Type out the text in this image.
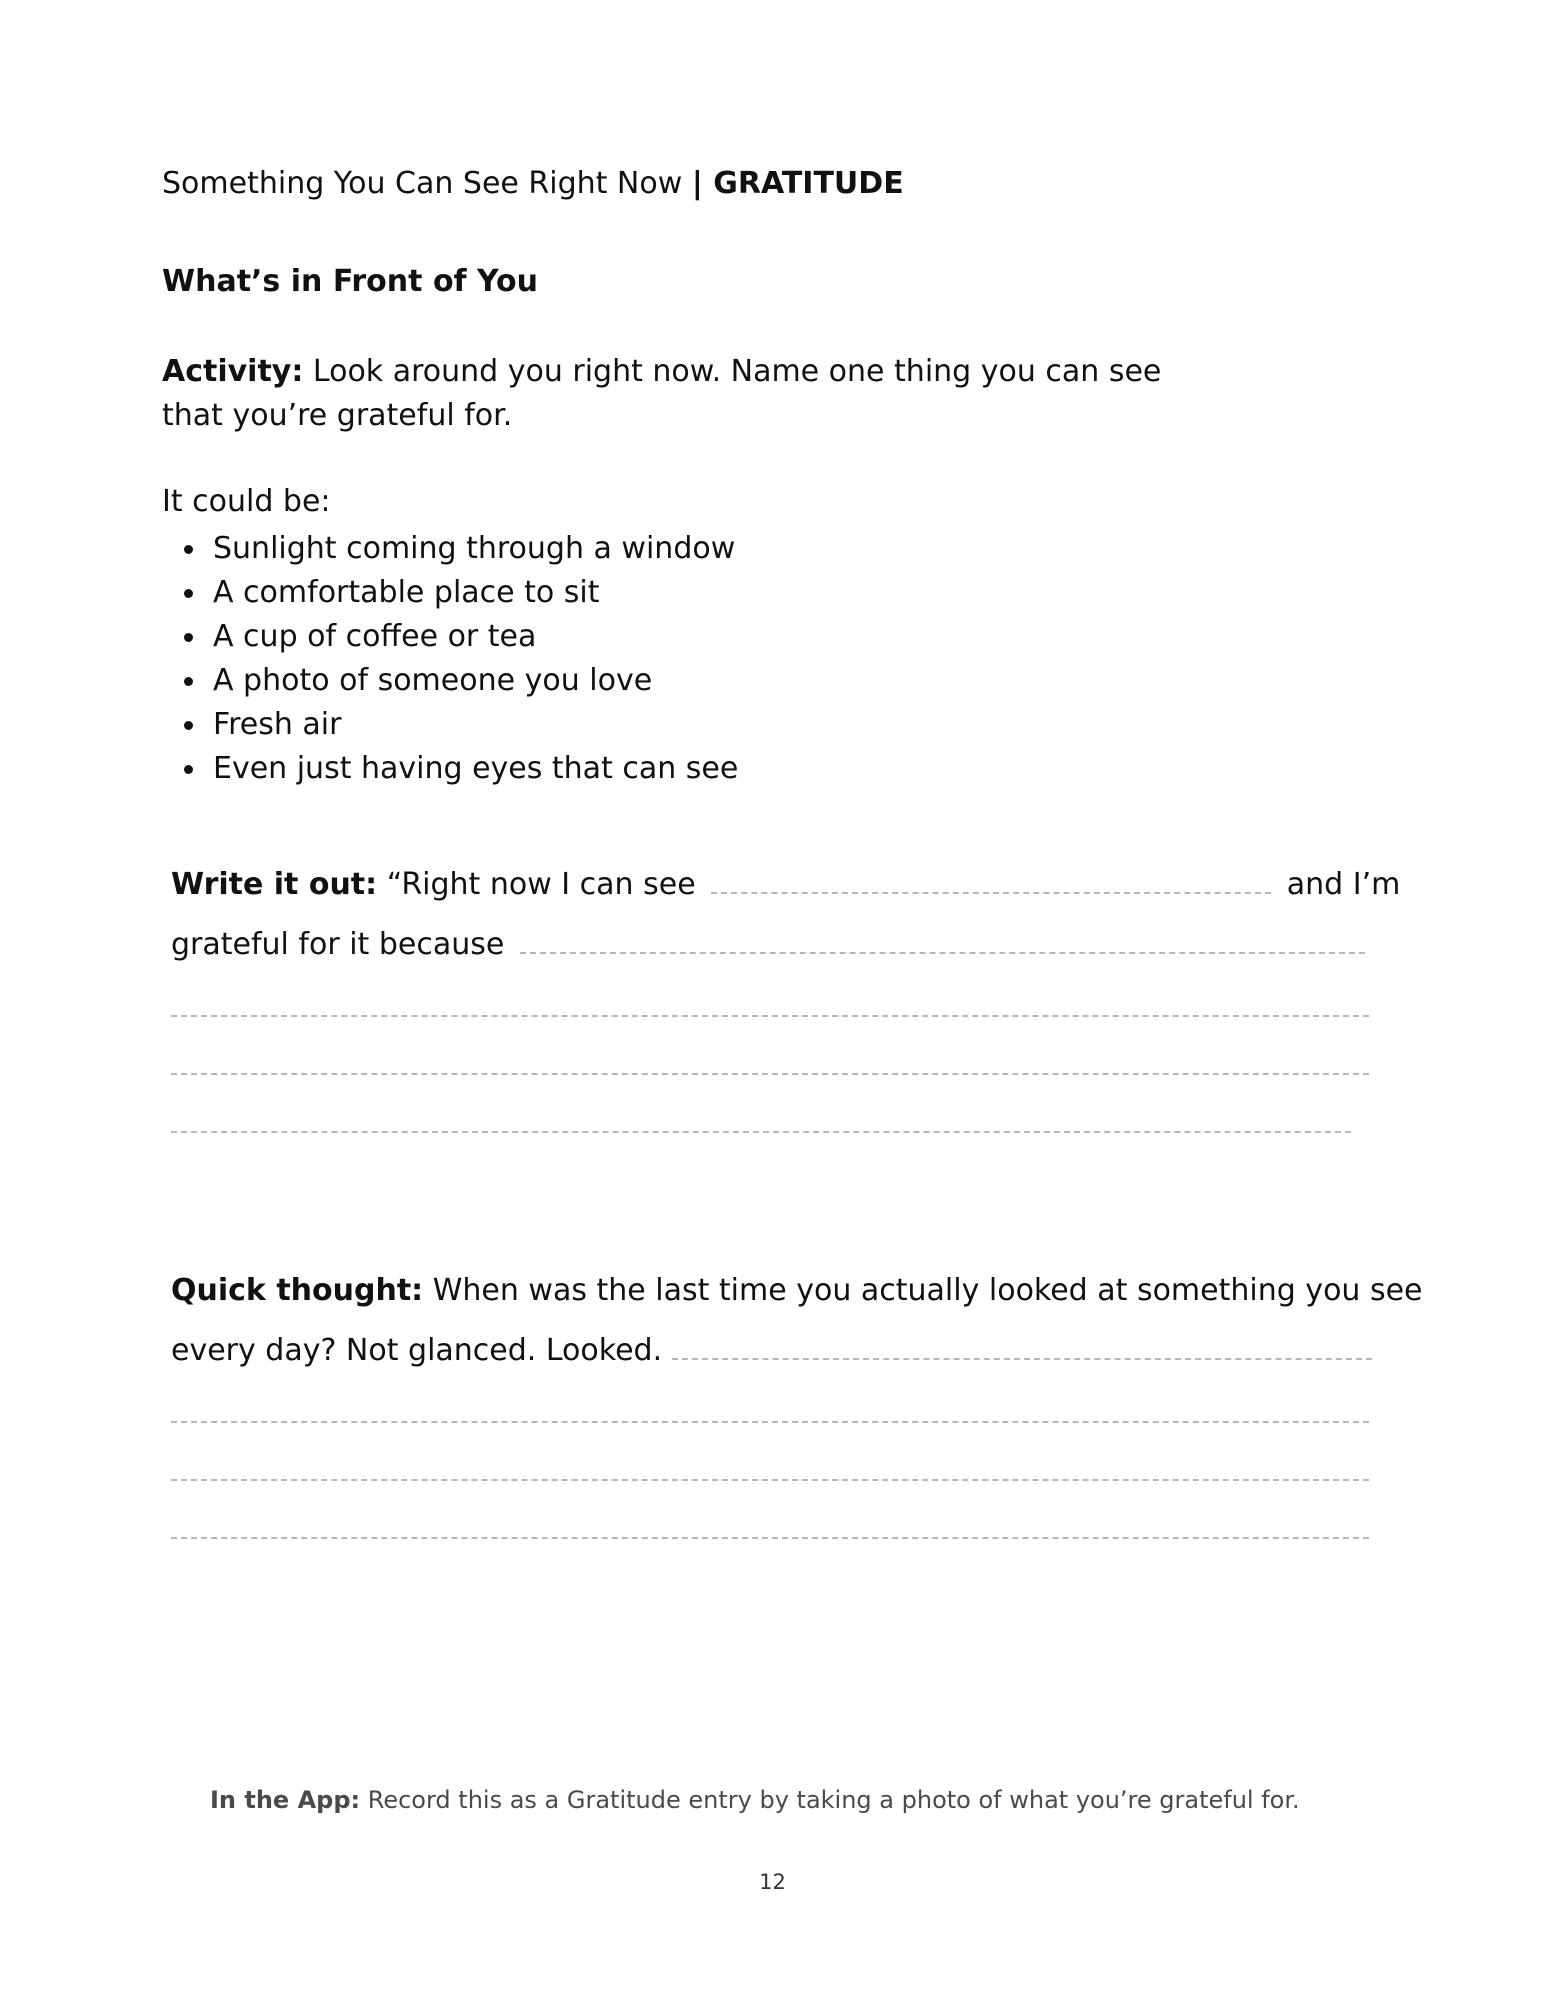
Something You Can See Right Now | GRATITUDE
What’s in Front of You
Activity: Look around you right now. Name one thing you can see that you’re grateful for.
It could be:
Sunlight coming through a window
A comfortable place to sit
A cup of coffee or tea
A photo of someone you love
Fresh air
Even just having eyes that can see
Write it out: “Right now I can see	and I’m
grateful for it because
Quick thought: When was the last time you actually looked at something you see
every day? Not glanced. Looked.
In the App: Record this as a Gratitude entry by taking a photo of what you’re grateful for.
12
